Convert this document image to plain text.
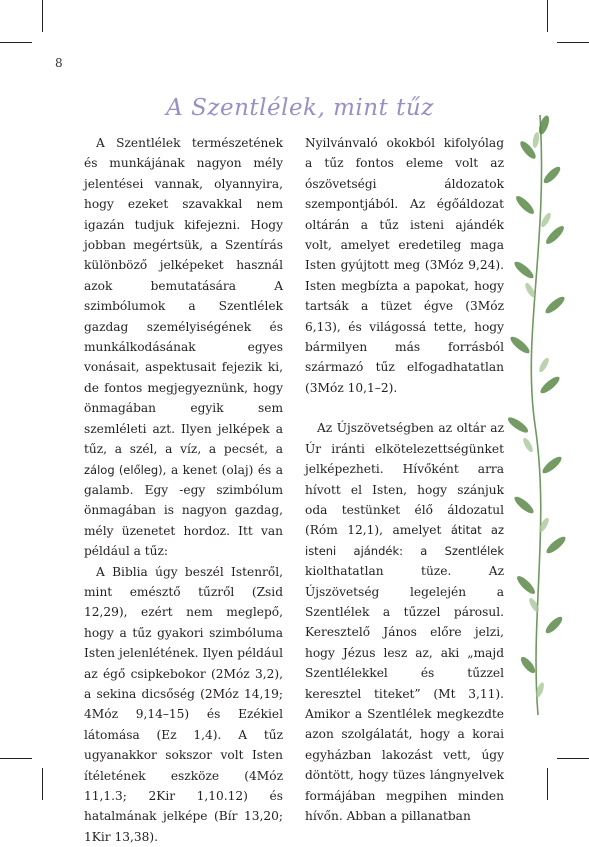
8
A Szentlélek, mint tűz

A Szentlélek természetének és munkájának nagyon mély jelentései vannak, olyannyira, hogy ezeket szavakkal nem igazán tudjuk kifejezni. Hogy jobban megértsük, a Szentírás különböző jelképeket használ azok bemutatására A szimbólumok a Szentlélek gazdag személyiségének és munkálkodásának egyes vonásait, aspektusait fejezik ki, de fontos megjegyeznünk, hogy önmagában egyik sem szemléleti azt. Ilyen jelképek a tűz, a szél, a víz, a pecsét, a zálog (előleg), a kenet (olaj) és a galamb. Egy -egy szimbólum önmagában is nagyon gazdag, mély üzenetet hordoz. Itt van például a tűz:

A Biblia úgy beszél Istenről, mint emésztő tűzről (Zsid 12,29), ezért nem meglepő, hogy a tűz gyakori szimbóluma Isten jelenlétének. Ilyen például az égő csipkebokor (2Móz 3,2), a sekina dicsőség (2Móz 14,19; 4Móz 9,14–15) és Ezékiel látomása (Ez 1,4). A tűz ugyanakkor sokszor volt Isten ítéletének eszköze (4Móz 11,1.3; 2Kir 1,10.12) és hatalmának jelképe (Bír 13,20; 1Kir 13,38).

Nyilvánvaló okokból kifolyólag a tűz fontos eleme volt az ószövetségi áldozatok szempontjából. Az égőáldozat oltárán a tűz isteni ajándék volt, amelyet eredetileg maga Isten gyújtott meg (3Móz 9,24). Isten megbízta a papokat, hogy tartsák a tüzet égve (3Móz 6,13), és világossá tette, hogy bármilyen más forrásból származó tűz elfogadhatatlan (3Móz 10,1–2).

Az Újszövetségben az oltár az Úr iránti elkötelezettségünket jelképezheti. Hívőként arra hívott el Isten, hogy szánjuk oda testünket élő áldozatul (Róm 12,1), amelyet átitat az isteni ajándék: a Szentlélek kiolthatatlan tüze. Az Újszövetség legelején a Szentlélek a tűzzel párosul. Keresztelő János előre jelzi, hogy Jézus lesz az, aki „majd Szentlélekkel és tűzzel keresztel titeket” (Mt 3,11). Amikor a Szentlélek megkezdte azon szolgálatát, hogy a korai egyházban lakozást vett, úgy döntött, hogy tüzes lángnyelvek formájában megpihen minden hívőn. Abban a pillanatban
